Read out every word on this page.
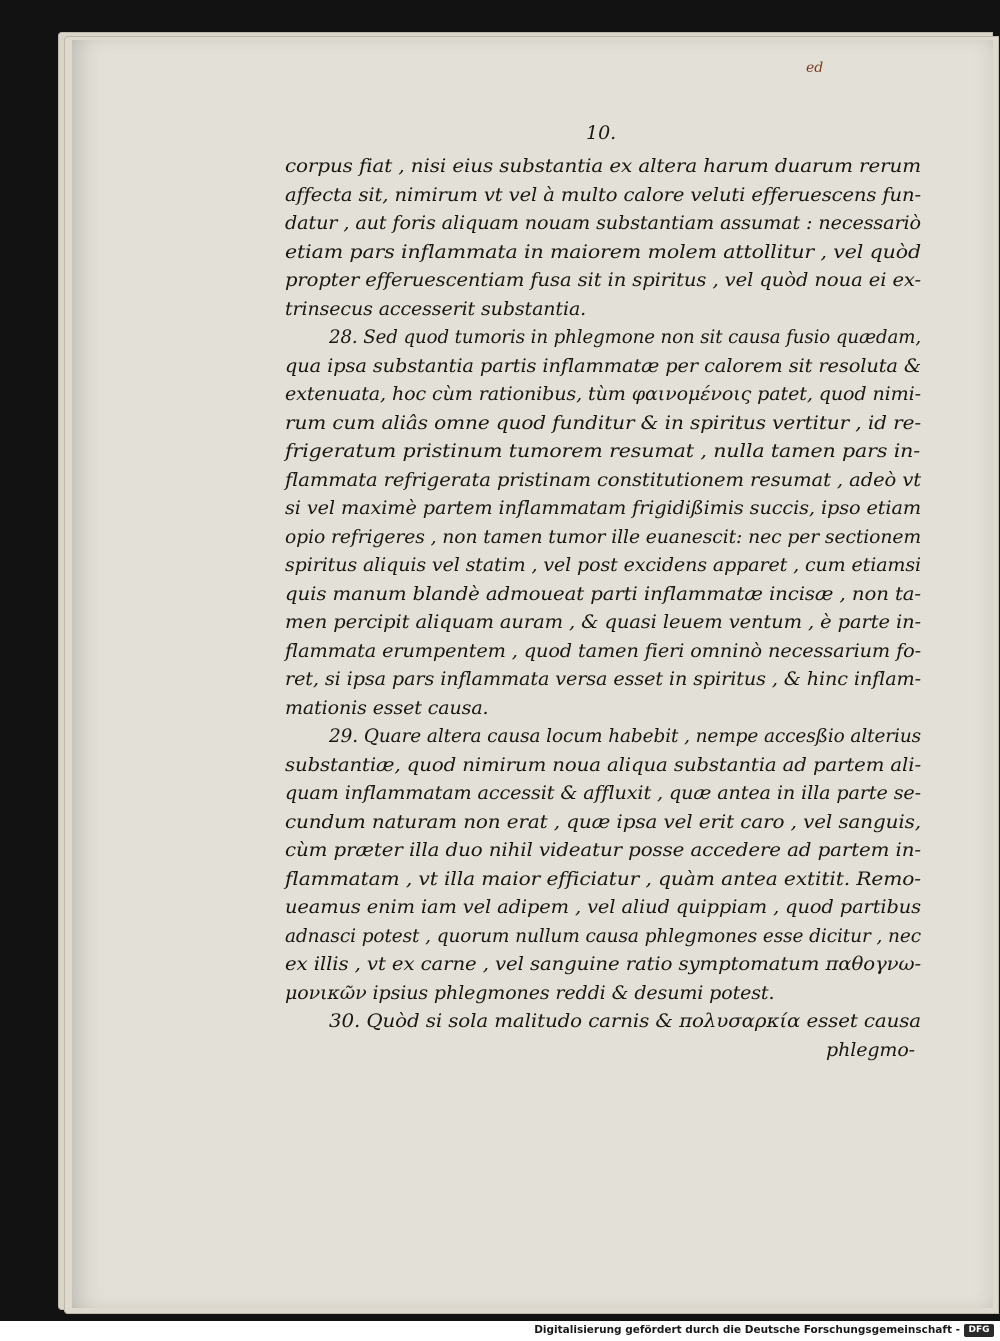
ed
10.
corpus fiat , nisi eius substantia ex altera harum duarum rerum
affecta sit, nimirum vt vel à multo calore veluti efferuescens fun-
datur , aut foris aliquam nouam substantiam assumat : necessariò
etiam pars inflammata in maiorem molem attollitur , vel quòd
propter efferuescentiam fusa sit in spiritus , vel quòd noua ei ex-
trinsecus accesserit substantia.
28. Sed quod tumoris in phlegmone non sit causa fusio quædam,
qua ipsa substantia partis inflammatæ per calorem sit resoluta &
extenuata, hoc cùm rationibus, tùm φαινομένοις patet, quod nimi-
rum cum aliâs omne quod funditur & in spiritus vertitur , id re-
frigeratum pristinum tumorem resumat , nulla tamen pars in-
flammata refrigerata pristinam constitutionem resumat , adeò vt
si vel maximè partem inflammatam frigidißimis succis, ipso etiam
opio refrigeres , non tamen tumor ille euanescit: nec per sectionem
spiritus aliquis vel statim , vel post excidens apparet , cum etiamsi
quis manum blandè admoueat parti inflammatæ incisæ , non ta-
men percipit aliquam auram , & quasi leuem ventum , è parte in-
flammata erumpentem , quod tamen fieri omninò necessarium fo-
ret, si ipsa pars inflammata versa esset in spiritus , & hinc inflam-
mationis esset causa.
29. Quare altera causa locum habebit , nempe accesßio alterius
substantiæ, quod nimirum noua aliqua substantia ad partem ali-
quam inflammatam accessit & affluxit , quæ antea in illa parte se-
cundum naturam non erat , quæ ipsa vel erit caro , vel sanguis,
cùm præter illa duo nihil videatur posse accedere ad partem in-
flammatam , vt illa maior efficiatur , quàm antea extitit. Remo-
ueamus enim iam vel adipem , vel aliud quippiam , quod partibus
adnasci potest , quorum nullum causa phlegmones esse dicitur , nec
ex illis , vt ex carne , vel sanguine ratio symptomatum παθογνω-
μονικῶν ipsius phlegmones reddi & desumi potest.
30. Quòd si sola malitudo carnis & πολυσαρκία esset causa
phlegmo-
Digitalisierung gefördert durch die Deutsche Forschungsgemeinschaft - DFG
